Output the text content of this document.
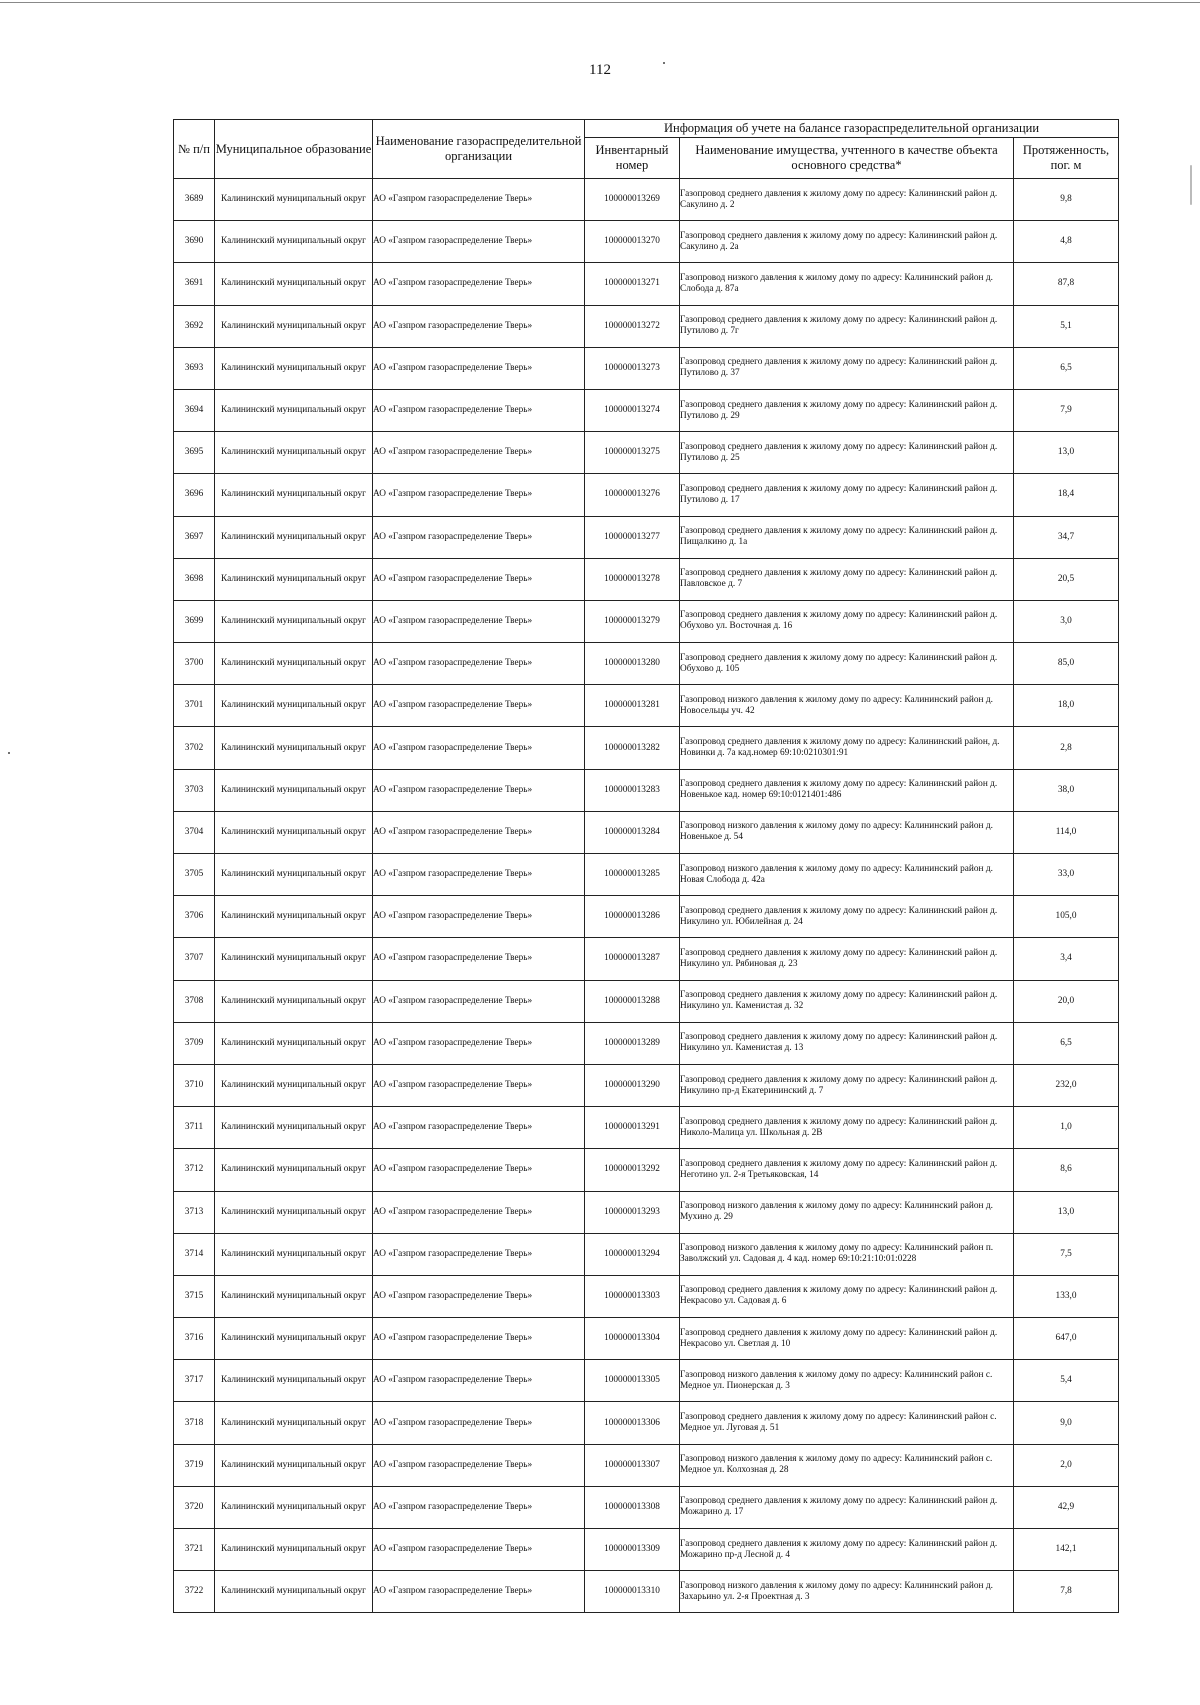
112
№ п/п	Муниципальное образование	Наименование газораспределительной организации	Информация об учете на балансе газораспределительной организации		
			Инвентарный номер	Наименование имущества, учтенного в качестве объекта основного средства*	Протяженность, пог. м
3689	Калининский муниципальный округ	АО «Газпром газораспределение Тверь»	100000013269	Газопровод среднего давления к жилому дому по адресу: Калининский район д. Сакулино д. 2	9,8
3690	Калининский муниципальный округ	АО «Газпром газораспределение Тверь»	100000013270	Газопровод среднего давления к жилому дому по адресу: Калининский район д. Сакулино д. 2а	4,8
3691	Калининский муниципальный округ	АО «Газпром газораспределение Тверь»	100000013271	Газопровод низкого давления к жилому дому по адресу: Калининский район д. Слобода д. 87а	87,8
3692	Калининский муниципальный округ	АО «Газпром газораспределение Тверь»	100000013272	Газопровод среднего давления к жилому дому по адресу: Калининский район д. Путилово д. 7г	5,1
3693	Калининский муниципальный округ	АО «Газпром газораспределение Тверь»	100000013273	Газопровод среднего давления к жилому дому по адресу: Калининский район д. Путилово д. 37	6,5
3694	Калининский муниципальный округ	АО «Газпром газораспределение Тверь»	100000013274	Газопровод среднего давления к жилому дому по адресу: Калининский район д. Путилово д. 29	7,9
3695	Калининский муниципальный округ	АО «Газпром газораспределение Тверь»	100000013275	Газопровод среднего давления к жилому дому по адресу: Калининский район д. Путилово д. 25	13,0
3696	Калининский муниципальный округ	АО «Газпром газораспределение Тверь»	100000013276	Газопровод среднего давления к жилому дому по адресу: Калининский район д. Путилово д. 17	18,4
3697	Калининский муниципальный округ	АО «Газпром газораспределение Тверь»	100000013277	Газопровод среднего давления к жилому дому по адресу: Калининский район д. Пищалкино д. 1а	34,7
3698	Калининский муниципальный округ	АО «Газпром газораспределение Тверь»	100000013278	Газопровод среднего давления к жилому дому по адресу: Калининский район д. Павловское д. 7	20,5
3699	Калининский муниципальный округ	АО «Газпром газораспределение Тверь»	100000013279	Газопровод среднего давления к жилому дому по адресу: Калининский район д. Обухово ул. Восточная д. 16	3,0
3700	Калининский муниципальный округ	АО «Газпром газораспределение Тверь»	100000013280	Газопровод среднего давления к жилому дому по адресу: Калининский район д. Обухово д. 105	85,0
3701	Калининский муниципальный округ	АО «Газпром газораспределение Тверь»	100000013281	Газопровод низкого давления к жилому дому по адресу: Калининский район д. Новосельцы уч. 42	18,0
3702	Калининский муниципальный округ	АО «Газпром газораспределение Тверь»	100000013282	Газопровод среднего давления к жилому дому по адресу: Калининский район, д. Новинки д. 7а кад.номер 69:10:0210301:91	2,8
3703	Калининский муниципальный округ	АО «Газпром газораспределение Тверь»	100000013283	Газопровод среднего давления к жилому дому по адресу: Калининский район д. Новенькое кад. номер 69:10:0121401:486	38,0
3704	Калининский муниципальный округ	АО «Газпром газораспределение Тверь»	100000013284	Газопровод низкого давления к жилому дому по адресу: Калининский район д. Новенькое д. 54	114,0
3705	Калининский муниципальный округ	АО «Газпром газораспределение Тверь»	100000013285	Газопровод низкого давления к жилому дому по адресу: Калининский район д. Новая Слобода д. 42а	33,0
3706	Калининский муниципальный округ	АО «Газпром газораспределение Тверь»	100000013286	Газопровод среднего давления к жилому дому по адресу: Калининский район д. Никулино ул. Юбилейная д. 24	105,0
3707	Калининский муниципальный округ	АО «Газпром газораспределение Тверь»	100000013287	Газопровод среднего давления к жилому дому по адресу: Калининский район д. Никулино ул. Рябиновая д. 23	3,4
3708	Калининский муниципальный округ	АО «Газпром газораспределение Тверь»	100000013288	Газопровод среднего давления к жилому дому по адресу: Калининский район д. Никулино ул. Каменистая д. 32	20,0
3709	Калининский муниципальный округ	АО «Газпром газораспределение Тверь»	100000013289	Газопровод среднего давления к жилому дому по адресу: Калининский район д. Никулино ул. Каменистая д. 13	6,5
3710	Калининский муниципальный округ	АО «Газпром газораспределение Тверь»	100000013290	Газопровод среднего давления к жилому дому по адресу: Калининский район д. Никулино пр-д Екатерининский д. 7	232,0
3711	Калининский муниципальный округ	АО «Газпром газораспределение Тверь»	100000013291	Газопровод среднего давления к жилому дому по адресу: Калининский район д. Николо-Малица ул. Школьная д. 2В	1,0
3712	Калининский муниципальный округ	АО «Газпром газораспределение Тверь»	100000013292	Газопровод среднего давления к жилому дому по адресу: Калининский район д. Неготино ул. 2-я Третьяковская, 14	8,6
3713	Калининский муниципальный округ	АО «Газпром газораспределение Тверь»	100000013293	Газопровод низкого давления к жилому дому по адресу: Калининский район д. Мухино д. 29	13,0
3714	Калининский муниципальный округ	АО «Газпром газораспределение Тверь»	100000013294	Газопровод низкого давления к жилому дому по адресу: Калининский район п. Заволжский ул. Садовая д. 4 кад. номер 69:10:21:10:01:0228	7,5
3715	Калининский муниципальный округ	АО «Газпром газораспределение Тверь»	100000013303	Газопровод среднего давления к жилому дому по адресу: Калининский район д. Некрасово ул. Садовая д. 6	133,0
3716	Калининский муниципальный округ	АО «Газпром газораспределение Тверь»	100000013304	Газопровод среднего давления к жилому дому по адресу: Калининский район д. Некрасово ул. Светлая д. 10	647,0
3717	Калининский муниципальный округ	АО «Газпром газораспределение Тверь»	100000013305	Газопровод низкого давления к жилому дому по адресу: Калининский район с. Медное ул. Пионерская д. 3	5,4
3718	Калининский муниципальный округ	АО «Газпром газораспределение Тверь»	100000013306	Газопровод среднего давления к жилому дому по адресу: Калининский район с. Медное ул. Луговая д. 51	9,0
3719	Калининский муниципальный округ	АО «Газпром газораспределение Тверь»	100000013307	Газопровод низкого давления к жилому дому по адресу: Калининский район с. Медное ул. Колхозная д. 28	2,0
3720	Калининский муниципальный округ	АО «Газпром газораспределение Тверь»	100000013308	Газопровод среднего давления к жилому дому по адресу: Калининский район д. Можарино д. 17	42,9
3721	Калининский муниципальный округ	АО «Газпром газораспределение Тверь»	100000013309	Газопровод среднего давления к жилому дому по адресу: Калининский район д. Можарино пр-д Лесной д. 4	142,1
3722	Калининский муниципальный округ	АО «Газпром газораспределение Тверь»	100000013310	Газопровод низкого давления к жилому дому по адресу: Калининский район д. Захарьино ул. 2-я Проектная д. 3	7,8
